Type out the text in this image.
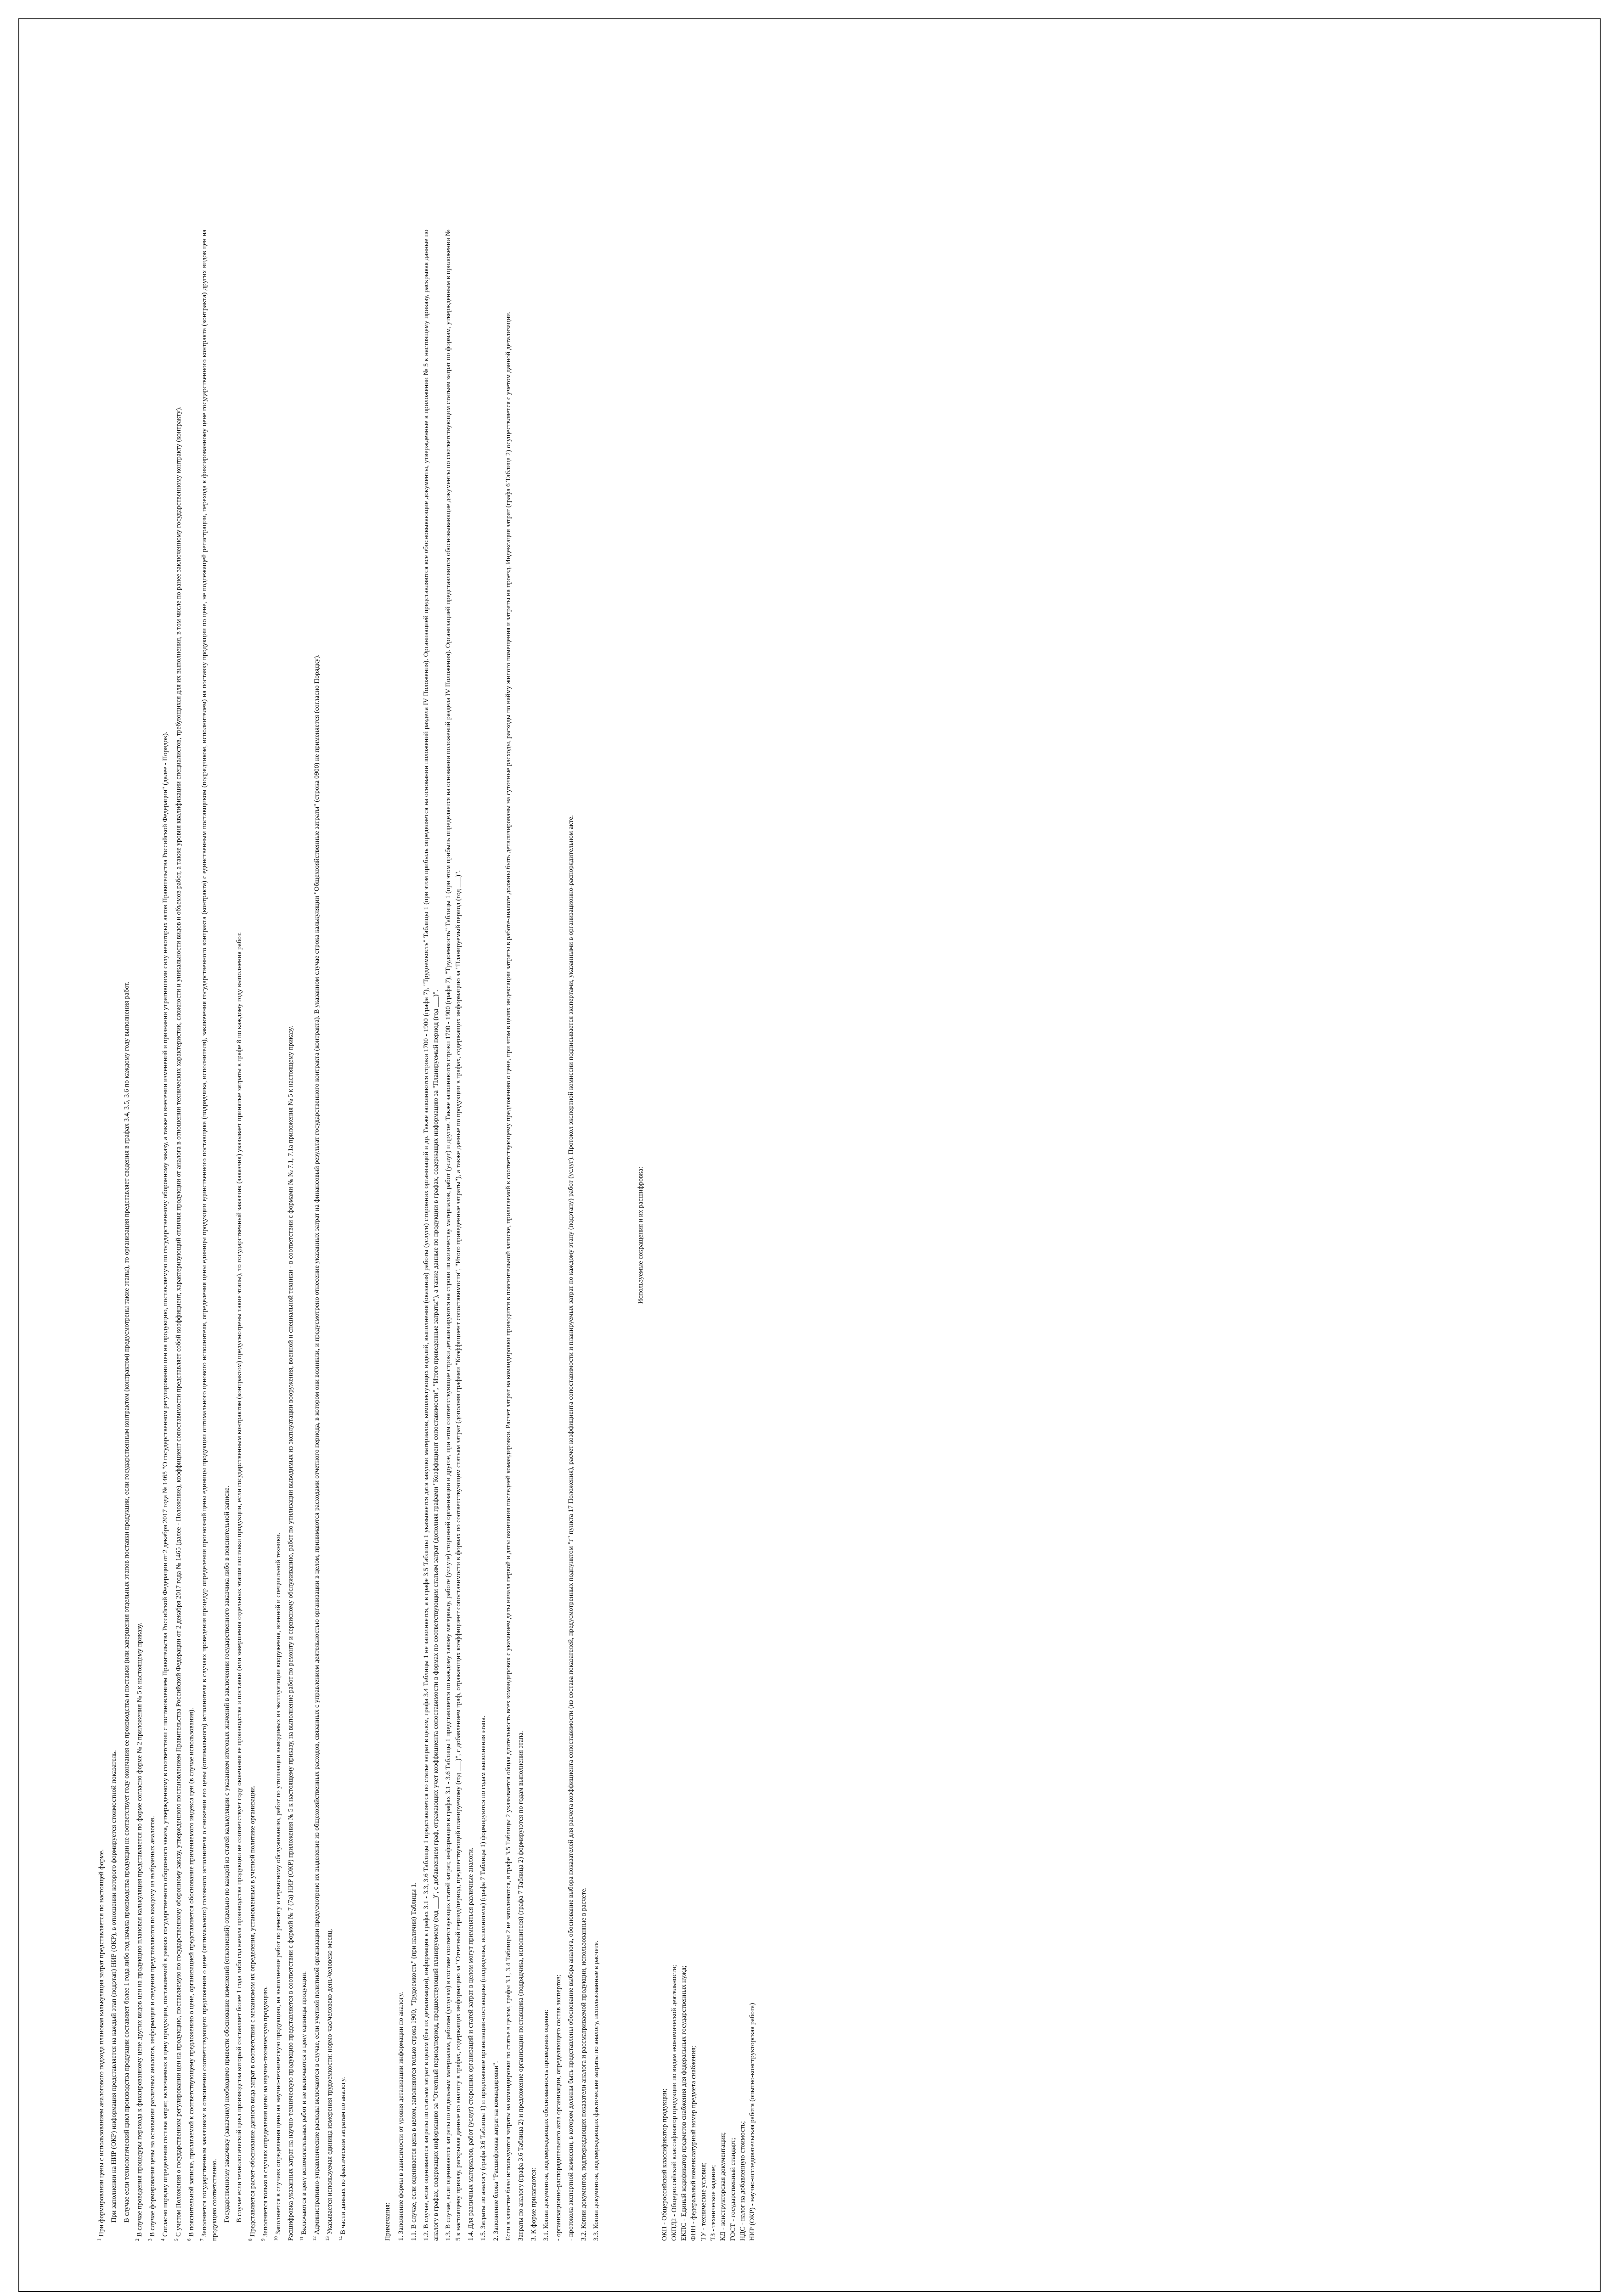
$^1$При формировании цены с использованием аналогового подхода плановая калькуляция затрат представляется по настоящей форме. При заполнении на НИР (ОКР) информация представляется на каждый этап (подэтап) НИР (ОКР), в отношении которого формируется стоимостной показатель. В случае если технологический цикл производства продукции составляет более 1 года либо год начала производства продукции не соответствует году окончания ее производства и поставки (или завершения отдельных этапов поставки продукции, если государственным контрактом (контрактом) предусмотрены такие этапы), то организация представляет сведения в графах 3.4, 3.5, 3.6 по каждому году выполнения работ.

$^2$В случае проведения процедуры перехода к фиксированному цене других видов цен на продукцию плановая калькуляция представляется по форме согласно форме № 2 приложения № 5 к настоящему приказу.

$^3$В случае формирования цены на основании различных аналогов, информация и сведения представляются по каждому из выбранных аналогов.

$^4$Согласно порядку определения состава затрат, включаемых в цену продукции, поставляемой в рамках государственного оборонного заказа, утвержденному в соответствии с постановлением Правительства Российской Федерации от 2 декабря 2017 года № 1465 "О государственном регулировании цен на продукцию, поставляемую по государственному оборонному заказу, а также о внесении изменений и признании утратившими силу некоторых актов Правительства Российской Федерации" (далее - Порядок).

$^5$С учетом Положения о государственном регулировании цен на продукцию, поставляемую по государственному оборонному заказу, утвержденного постановлением Правительства Российской Федерации от 2 декабря 2017 года № 1465 (далее - Положение), коэффициент сопоставимости представляет собой коэффициент, характеризующий отличия продукции от аналога в отношении технических характеристик, сложности и уникальности видов и объемов работ, а также уровня квалификации специалистов, требующихся для их выполнения, в том числе по ранее заключенному государственному контракту (контракту).

$^6$В пояснительной записке, прилагаемой к соответствующему предложению о цене, организацией представляется обоснование применяемого индекса цен (в случае использования).

$^7$Заполняется государственным заказчиком в отношении соответствующего предложения о цене (оптимального) головного исполнителя о снижении его цены (оптимального) исполнителя в случаях проведения процедур определения прогнозной цены единицы продукции оптимального ценового исполнителя, определения цены единицы продукции единственного поставщика (подрядчика, исполнителя), заключения государственного контракта (контракта) с единственным поставщиком (подрядчиком, исполнителем) на поставку продукции по цене, не подлежащей регистрации, перехода к фиксированному цене государственного контракта (контракта) других видов цен на продукцию соответственно. Государственному заказчику (заказчику) необходимо привести обоснование изменений (отклонений) отдельно по каждой из статей калькуляции с указанием итоговых значений в заключении государственного заказчика либо в пояснительной записке. В случае если технологический цикл производства который составляет более 1 года либо год начала производства продукции не соответствует году окончания ее производства и поставки (или завершения отдельных этапов поставки продукции, если государственным контрактом (контрактом) предусмотрены такие этапы), то государственный заказчик (заказчик) указывает принятые затраты в графе 8 по каждому году выполнения работ.

$^8$Представляется расчет-обоснование данного вида затрат в соответствии с механизмом их определения, установленным в учетной политике организации.

$^9$Заполняется только в случаях определения цены на научно-техническую продукцию.

$^{10}$Заполняется в случаях определения цены на научно-техническую продукцию, на выполнение работ по ремонту и сервисному обслуживанию, работ по утилизации выводимых из эксплуатации вооружения, военной и специальной техники. Расшифровка указанных затрат на научно-техническую продукцию представляется в соответствии с формой № 7 (7а) НИР (ОКР) приложения № 5 к настоящему приказу, на выполнение работ по ремонту и сервисному обслуживанию, работ по утилизации выводимых из эксплуатации вооружения, военной и специальной техники - в соответствии с формами № № 7.1, 7.1а приложения № 5 к настоящему приказу.	$^{11}$Включаются в цену вспомогательных работ и не включаются в цену единицы продукции.

$^{12}$Административно-управленческие расходы включаются в случае, если учетной политикой организации предусмотрено их выделение из общехозяйственных расходов, связанных с управлением деятельностью организации в целом, принимаются расходами отчетного периода, в котором они возникли, и предусмотрено отнесение указанных затрат на финансовый результат государственного контракта (контракта). В указанном случае строка калькуляции "Общехозяйственные затраты" (строка 0900) не применяется (согласно Порядку).

$^{13}$Указывается используемая единица измерения трудоемкости: нормо-час/человеко-день/человеко-месяц.

$^{14}$В части данных по фактическим затратам по аналогу.	Примечания: 1. Заполнение формы в зависимости от уровня детализации информации по аналогу. 1.1. В случае, если оценивается цена в целом, заполняются только строка 1900, "Трудоемкость" (при наличии) Таблицы 1. 1.2. В случае, если оцениваются затраты по статьям затрат в целом (без их детализации), информация в графах 3.1 - 3.3, 3.6 Таблицы 1 представляется по статье затрат в целом, графа 3.4 Таблицы 1 не заполняется, а в графе 3.5 Таблицы 1 указывается дата закупки материалов, комплектующих изделий, выполнения (оказания) работы (услуги) сторонних организаций и др. Также заполняются строки 1700 - 1900 (графа 7), "Трудоемкость" Таблицы 1 (при этом прибыль определяется на основании положений раздела IV Положения). Организацией представляются все обосновывающие документы, утвержденные в приложении № 5 к настоящему приказу, раскрывая данные по аналогу в графах, содержащих информацию за "Отчетный период/период, предшествующий планируемому (год ___)", с добавлением граф, отражающих учет коэффициента сопоставимости в формах по соответствующим статьям затрат (дополняя графами "Коэффициент сопоставимости", "Итого приведенные затраты"), а также данные по продукции в графах, содержащих информацию за "Планируемый период (год ___)". 1.3. В случае, если оцениваются затраты по отдельным материалам, работам (услугам) в составе соответствующих статей затрат, информация в графах 3.1 - 3.6 Таблицы 1 представляется по каждому такому материалу, работе (услуге) сторонней организации и другое, при этом соответствующие строки детализируются на строки по количеству материалов, работ (услуг) и другое. Также заполняются строки 1700 - 1900 (графа 7), "Трудоемкость" Таблицы 1 (при этом прибыль определяется на основании положений раздела IV Положения). Организацией представляются обосновывающие документы по соответствующим статьям затрат по формам, утвержденным в приложении № 5 к настоящему приказу, раскрывая данные по аналогу в графах, содержащих информацию за "Отчетный период/период, предшествующий планируемому (год ___)", с добавлением граф, отражающих коэффициент сопоставимости в формах по соответствующим статьям затрат (дополняя графами "Коэффициент сопоставимости", "Итого приведенные затраты"), а также данные по продукции в графах, содержащих информацию за "Планируемый период (год ___)". 1.4. Для различных материалов, работ (услуг) сторонних организаций и статей затрат в целом могут применяться различные аналоги. 1.5. Затраты по аналогу (графа 3.6 Таблицы 1) и предложение организации-поставщика (подрядчика, исполнителя) (графа 7 Таблицы 1) формируются по годам выполнения этапа. 2. Заполнение блока "Расшифровка затрат на командировки". Если в качестве базы используются затраты на командировки по статье в целом, графы 3.1, 3.4 Таблицы 2 не заполняются, в графе 3.5 Таблицы 2 указывается общая длительность всех командировок с указанием даты начала первой и даты окончания последней командировки. Расчет затрат на командировки приводится в пояснительной записке, прилагаемой к соответствующему предложению о цене, при этом в целях индексации затраты в работе-аналоге должны быть детализированы на суточные расходы, расходы по найму жилого помещения и затраты на проезд. Индексация затрат (графа 6 Таблица 2) осуществляется с учетом данной детализации. Затраты по аналогу (графа 3.6 Таблица 2) и предложение организации-поставщика (подрядчика, исполнителя) (графа 7 Таблица 2) формируются по годам выполнения этапа. 3. К форме прилагаются: 3.1. Копии документов, подтверждающих обоснованность проведения оценки: - организационно-распорядительного акта организации, определяющего состав экспертов; - протокола экспертной комиссии, в котором должны быть представлены обоснование выбора аналога, обоснование выбора показателей для расчета коэффициента сопоставимости (из состава показателей, предусмотренных подпунктом "г" пункта 17 Положения), расчет коэффициента сопоставимости и планируемых затрат по каждому этапу (подэтапу) работ (услуг). Протокол экспертной комиссии подписывается экспертами, указанными в организационно-распорядительном акте. 3.2. Копии документов, подтверждающих показатели аналога и рассматриваемой продукции, использованные в расчете. 3.3. Копии документов, подтверждающих фактические затраты по аналогу, использованные в расчете.

Используемые сокращения и их расшифровка:

ОКП - Общероссийский классификатор продукции; ОКПД2 - Общероссийский классификатор продукции по видам экономической деятельности; ЕКПС - Единый кодификатор предметов снабжения для федеральных государственных нужд; ФНН - федеральный номенклатурный номер предмета снабжения; ТУ - технические условия; ТЗ - техническое задание; КД - конструкторская документация; ГОСТ - государственный стандарт; НДС - налог на добавленную стоимость; НИР (ОКР) - научно-исследовательская работа (опытно-конструкторская работа)
